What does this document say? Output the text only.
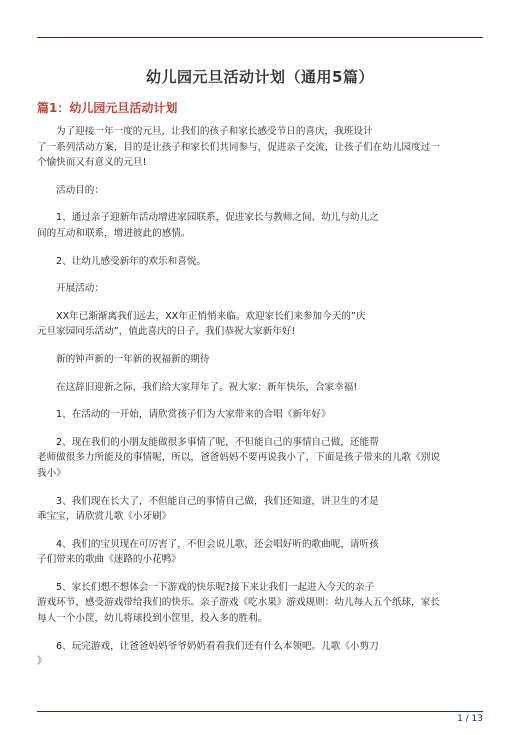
幼儿园元旦活动计划（通用5篇）
篇1：幼儿园元旦活动计划
为了迎接一年一度的元旦，让我们的孩子和家长感受节日的喜庆，我班设计
了一系列活动方案，目的是让孩子和家长们共同参与，促进亲子交流，让孩子们在幼儿园度过一
个愉快而又有意义的元旦!
活动目的：
1、通过亲子迎新年活动增进家园联系，促进家长与教师之间、幼儿与幼儿之
间的互动和联系，增进彼此的感情。
2、让幼儿感受新年的欢乐和喜悦。
开展活动：
XX年已渐渐离我们远去，XX年正悄悄来临。欢迎家长们来参加今天的”庆
元旦家园同乐活动”，值此喜庆的日子，我们恭祝大家新年好!
新的钟声新的一年新的祝福新的期待
在这辞旧迎新之际，我们给大家拜年了。祝大家：新年快乐，合家幸福!
1、在活动的一开始，请欣赏孩子们为大家带来的合唱《新年好》
2、现在我们的小朋友能做很多事情了呢，不但能自己的事情自己做，还能帮
老师做很多力所能及的事情呢，所以，爸爸妈妈不要再说我小了，下面是孩子带来的儿歌《别说
我小》
3、我们现在长大了，不但能自己的事情自己做，我们还知道，讲卫生的才是
乖宝宝，请欣赏儿歌《小牙刷》
4、我们的宝贝现在可厉害了，不但会说儿歌，还会唱好听的歌曲呢，请听孩
子们带来的歌曲《迷路的小花鸭》
5、家长们想不想体会一下游戏的快乐呢?接下来让我们一起进入今天的亲子
游戏环节，感受游戏带给我们的快乐。亲子游戏《吃水果》游戏规则：幼儿每人五个纸球，家长
每人一个小筐，幼儿将球投到小筐里，投入多的胜利。
6、玩完游戏，让爸爸妈妈爷爷奶奶看看我们还有什么本领吧。儿歌《小剪刀
》
1 / 13
